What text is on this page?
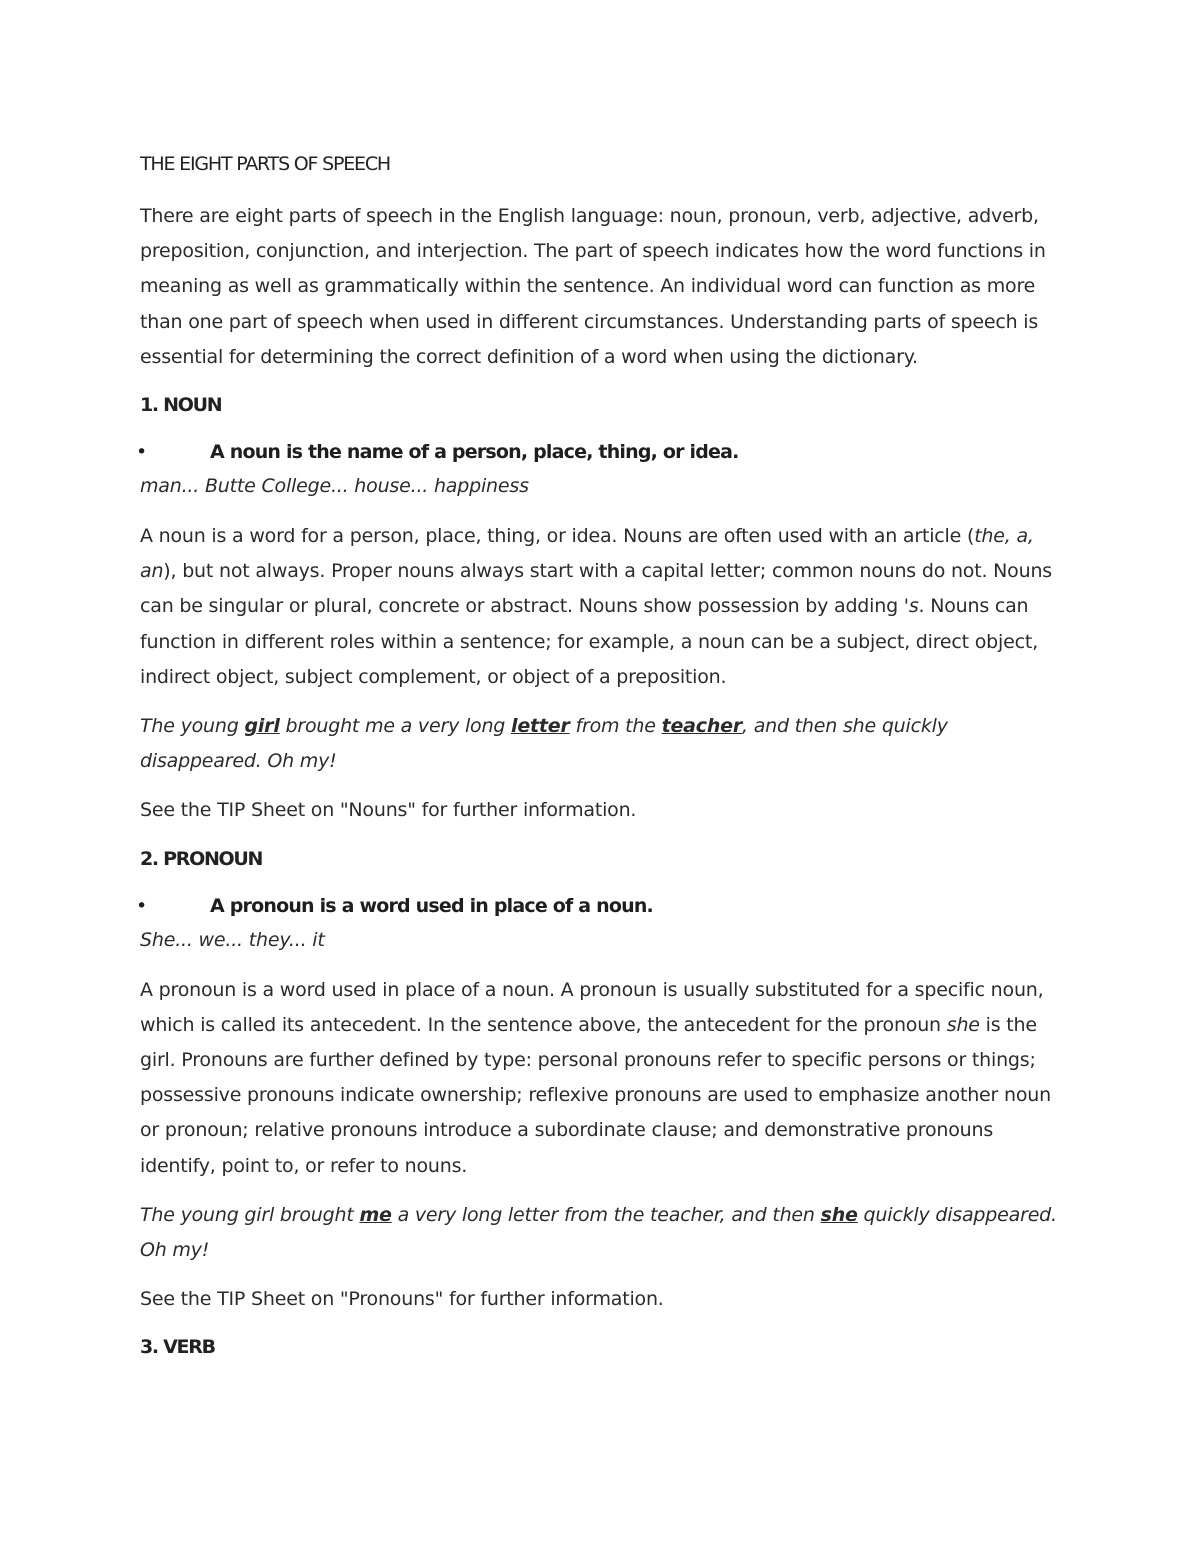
THE EIGHT PARTS OF SPEECH

There are eight parts of speech in the English language: noun, pronoun, verb, adjective, adverb, preposition, conjunction, and interjection. The part of speech indicates how the word functions in meaning as well as grammatically within the sentence. An individual word can function as more than one part of speech when used in different circumstances. Understanding parts of speech is essential for determining the correct definition of a word when using the dictionary.

1. NOUN
•	A noun is the name of a person, place, thing, or idea.
man... Butte College... house... happiness

A noun is a word for a person, place, thing, or idea. Nouns are often used with an article (the, a, an), but not always. Proper nouns always start with a capital letter; common nouns do not. Nouns can be singular or plural, concrete or abstract. Nouns show possession by adding 's. Nouns can function in different roles within a sentence; for example, a noun can be a subject, direct object, indirect object, subject complement, or object of a preposition.

The young girl brought me a very long letter from the teacher, and then she quickly disappeared. Oh my!

See the TIP Sheet on "Nouns" for further information.

2. PRONOUN
•	A pronoun is a word used in place of a noun.
She... we... they... it

A pronoun is a word used in place of a noun. A pronoun is usually substituted for a specific noun, which is called its antecedent. In the sentence above, the antecedent for the pronoun she is the girl. Pronouns are further defined by type: personal pronouns refer to specific persons or things; possessive pronouns indicate ownership; reflexive pronouns are used to emphasize another noun or pronoun; relative pronouns introduce a subordinate clause; and demonstrative pronouns identify, point to, or refer to nouns.

The young girl brought me a very long letter from the teacher, and then she quickly disappeared. Oh my!

See the TIP Sheet on "Pronouns" for further information.

3. VERB
